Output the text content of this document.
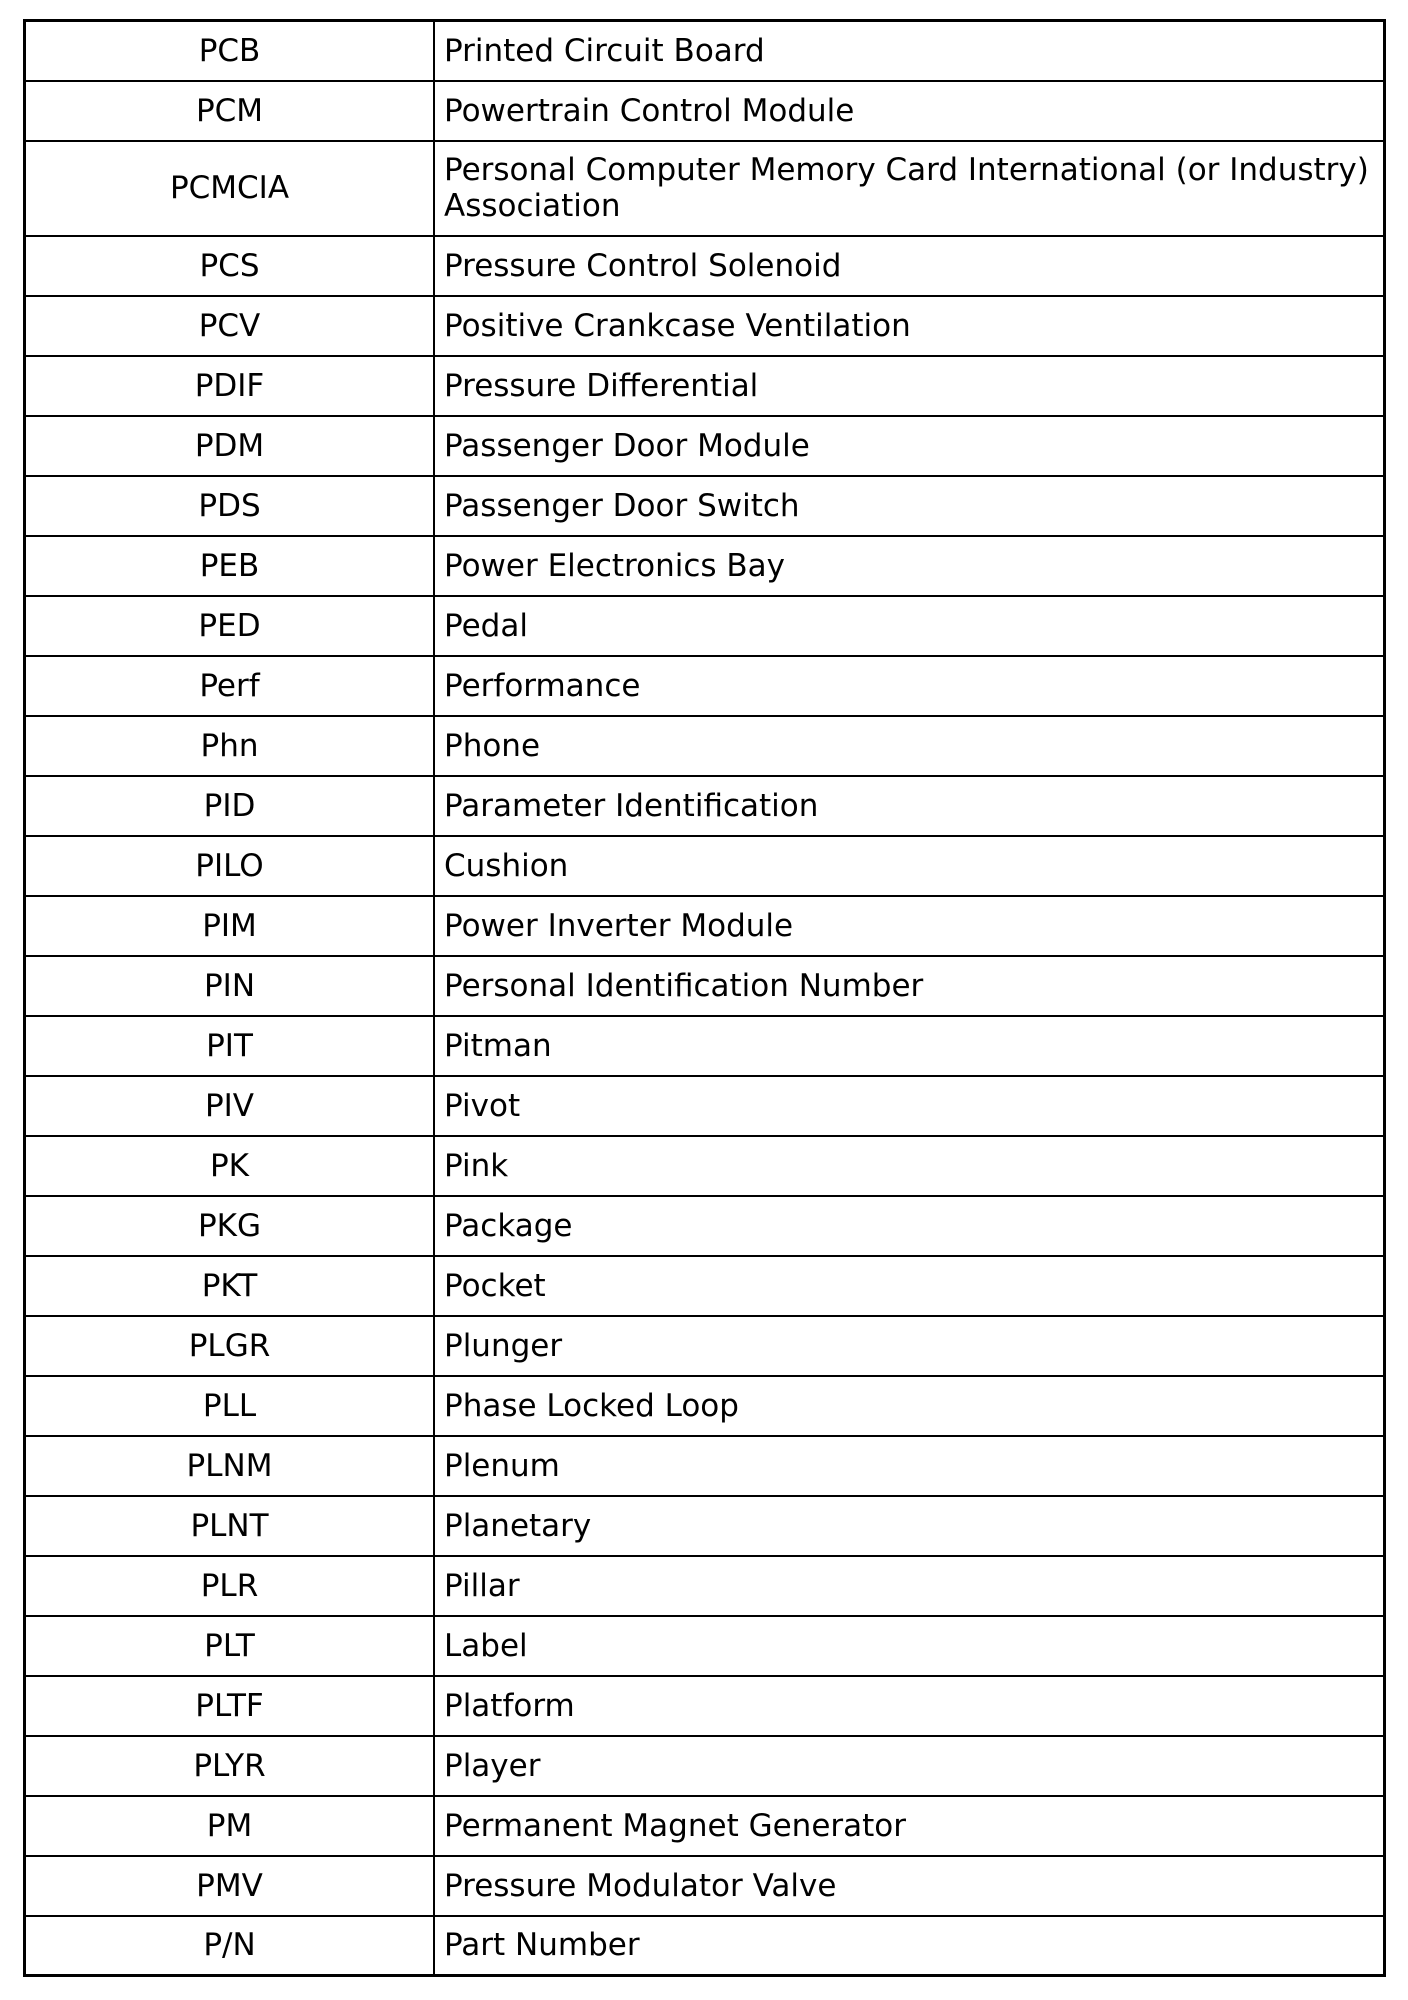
PCB	Printed Circuit Board
PCM	Powertrain Control Module
PCMCIA	Personal Computer Memory Card International (or Industry) Association
PCS	Pressure Control Solenoid
PCV	Positive Crankcase Ventilation
PDIF	Pressure Differential
PDM	Passenger Door Module
PDS	Passenger Door Switch
PEB	Power Electronics Bay
PED	Pedal
Perf	Performance
Phn	Phone
PID	Parameter Identification
PILO	Cushion
PIM	Power Inverter Module
PIN	Personal Identification Number
PIT	Pitman
PIV	Pivot
PK	Pink
PKG	Package
PKT	Pocket
PLGR	Plunger
PLL	Phase Locked Loop
PLNM	Plenum
PLNT	Planetary
PLR	Pillar
PLT	Label
PLTF	Platform
PLYR	Player
PM	Permanent Magnet Generator
PMV	Pressure Modulator Valve
P/N	Part Number
